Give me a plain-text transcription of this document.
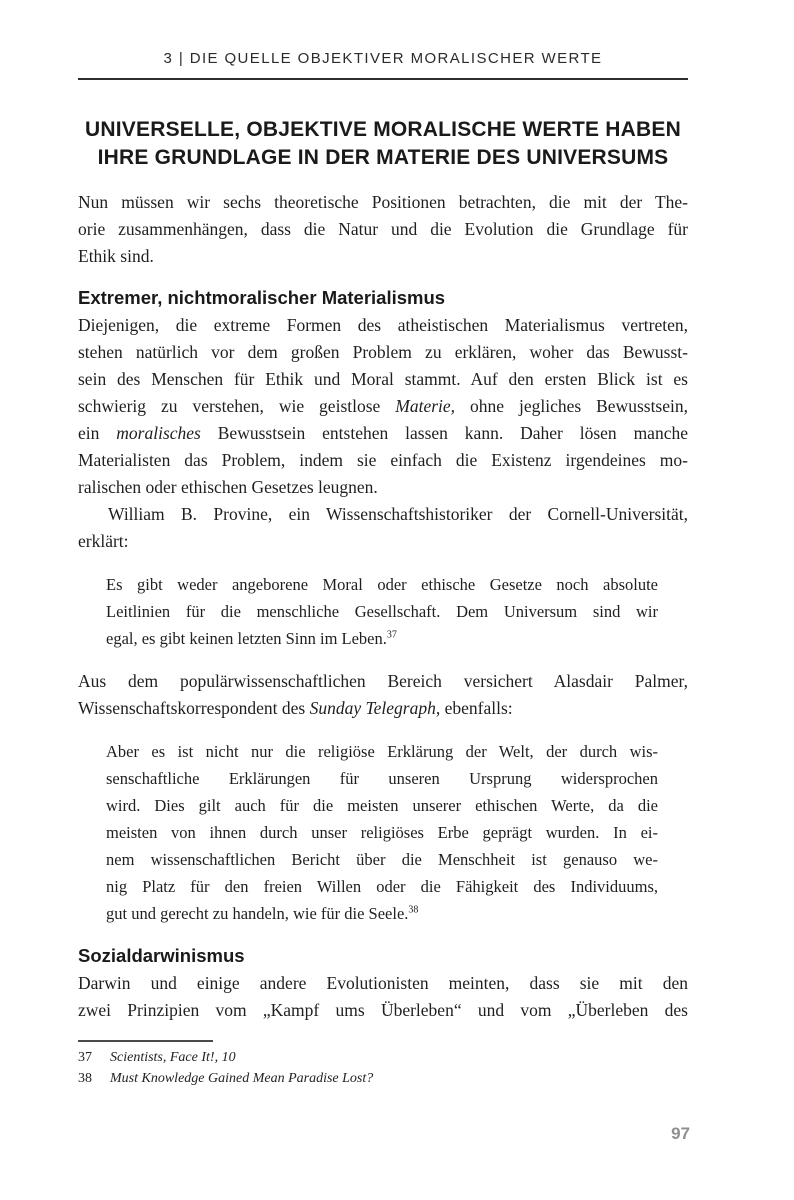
3 | DIE QUELLE OBJEKTIVER MORALISCHER WERTE
UNIVERSELLE, OBJEKTIVE MORALISCHE WERTE HABEN
IHRE GRUNDLAGE IN DER MATERIE DES UNIVERSUMS
Nun müssen wir sechs theoretische Positionen betrachten, die mit der The-
orie zusammenhängen, dass die Natur und die Evolution die Grundlage für
Ethik sind.
Extremer, nichtmoralischer Materialismus
Diejenigen, die extreme Formen des atheistischen Materialismus vertreten,
stehen natürlich vor dem großen Problem zu erklären, woher das Bewusst-
sein des Menschen für Ethik und Moral stammt. Auf den ersten Blick ist es
schwierig zu verstehen, wie geistlose Materie, ohne jegliches Bewusstsein,
ein moralisches Bewusstsein entstehen lassen kann. Daher lösen manche
Materialisten das Problem, indem sie einfach die Existenz irgendeines mo-
ralischen oder ethischen Gesetzes leugnen.
William B. Provine, ein Wissenschaftshistoriker der Cornell-Universität,
erklärt:
Es gibt weder angeborene Moral oder ethische Gesetze noch absolute
Leitlinien für die menschliche Gesellschaft. Dem Universum sind wir
egal, es gibt keinen letzten Sinn im Leben.$^{37}$
Aus dem populärwissenschaftlichen Bereich versichert Alasdair Palmer,
Wissenschaftskorrespondent des Sunday Telegraph, ebenfalls:
Aber es ist nicht nur die religiöse Erklärung der Welt, der durch wis-
senschaftliche Erklärungen für unseren Ursprung widersprochen
wird. Dies gilt auch für die meisten unserer ethischen Werte, da die
meisten von ihnen durch unser religiöses Erbe geprägt wurden. In ei-
nem wissenschaftlichen Bericht über die Menschheit ist genauso we-
nig Platz für den freien Willen oder die Fähigkeit des Individuums,
gut und gerecht zu handeln, wie für die Seele.$^{38}$
Sozialdarwinismus
Darwin und einige andere Evolutionisten meinten, dass sie mit den
zwei Prinzipien vom „Kampf ums Überleben“ und vom „Überleben des
37 Scientists, Face It!, 10
38 Must Knowledge Gained Mean Paradise Lost?
97
